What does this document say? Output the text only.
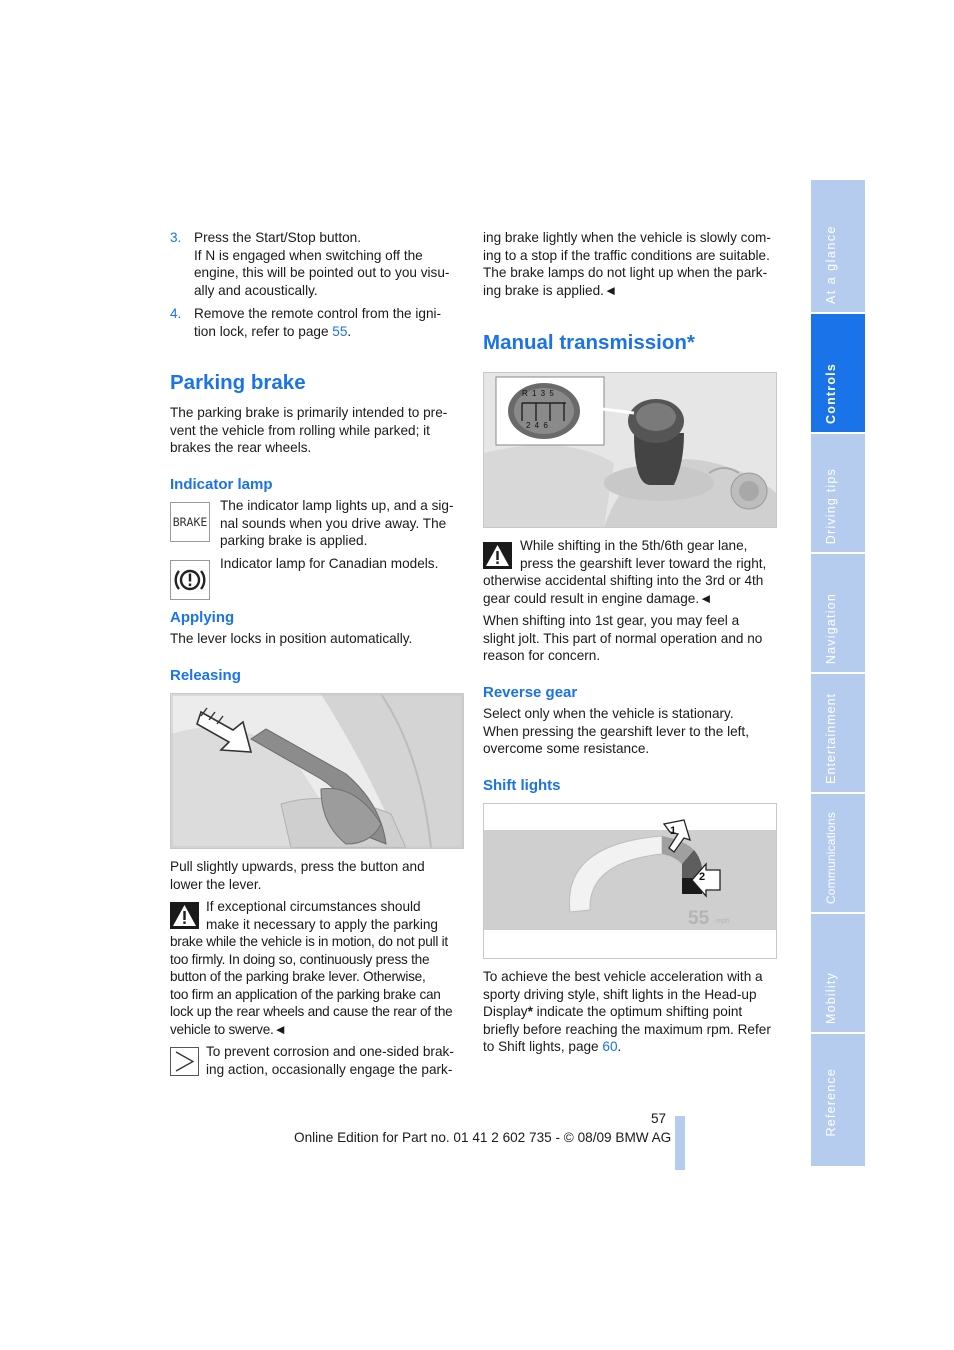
3. Press the Start/Stop button.
If N is engaged when switching off the
engine, this will be pointed out to you visu-
ally and acoustically.
4. Remove the remote control from the igni-
tion lock, refer to page 55.
Parking brake
The parking brake is primarily intended to pre-
vent the vehicle from rolling while parked; it
brakes the rear wheels.
Indicator lamp
BRAKE
The indicator lamp lights up, and a sig-
nal sounds when you drive away. The
parking brake is applied.
Indicator lamp for Canadian models.
Applying
The lever locks in position automatically.
Releasing
Pull slightly upwards, press the button and
lower the lever.
If exceptional circumstances should
make it necessary to apply the parking
brake while the vehicle is in motion, do not pull it
too firmly. In doing so, continuously press the
button of the parking brake lever. Otherwise,
too firm an application of the parking brake can
lock up the rear wheels and cause the rear of the
vehicle to swerve.◄
To prevent corrosion and one-sided brak-
ing action, occasionally engage the park-
ing brake lightly when the vehicle is slowly com-
ing to a stop if the traffic conditions are suitable.
The brake lamps do not light up when the park-
ing brake is applied.◄
Manual transmission*
R 1 3 5
2 4 6
While shifting in the 5th/6th gear lane,
press the gearshift lever toward the right,
otherwise accidental shifting into the 3rd or 4th
gear could result in engine damage.◄
When shifting into 1st gear, you may feel a
slight jolt. This part of normal operation and no
reason for concern.
Reverse gear
Select only when the vehicle is stationary.
When pressing the gearshift lever to the left,
overcome some resistance.
Shift lights
1
2
55 mph
To achieve the best vehicle acceleration with a
sporty driving style, shift lights in the Head-up
Display* indicate the optimum shifting point
briefly before reaching the maximum rpm. Refer
to Shift lights, page 60.
57
Online Edition for Part no. 01 41 2 602 735 - © 08/09 BMW AG
At a glance
Controls
Driving tips
Navigation
Entertainment
Communications
Mobility
Reference
